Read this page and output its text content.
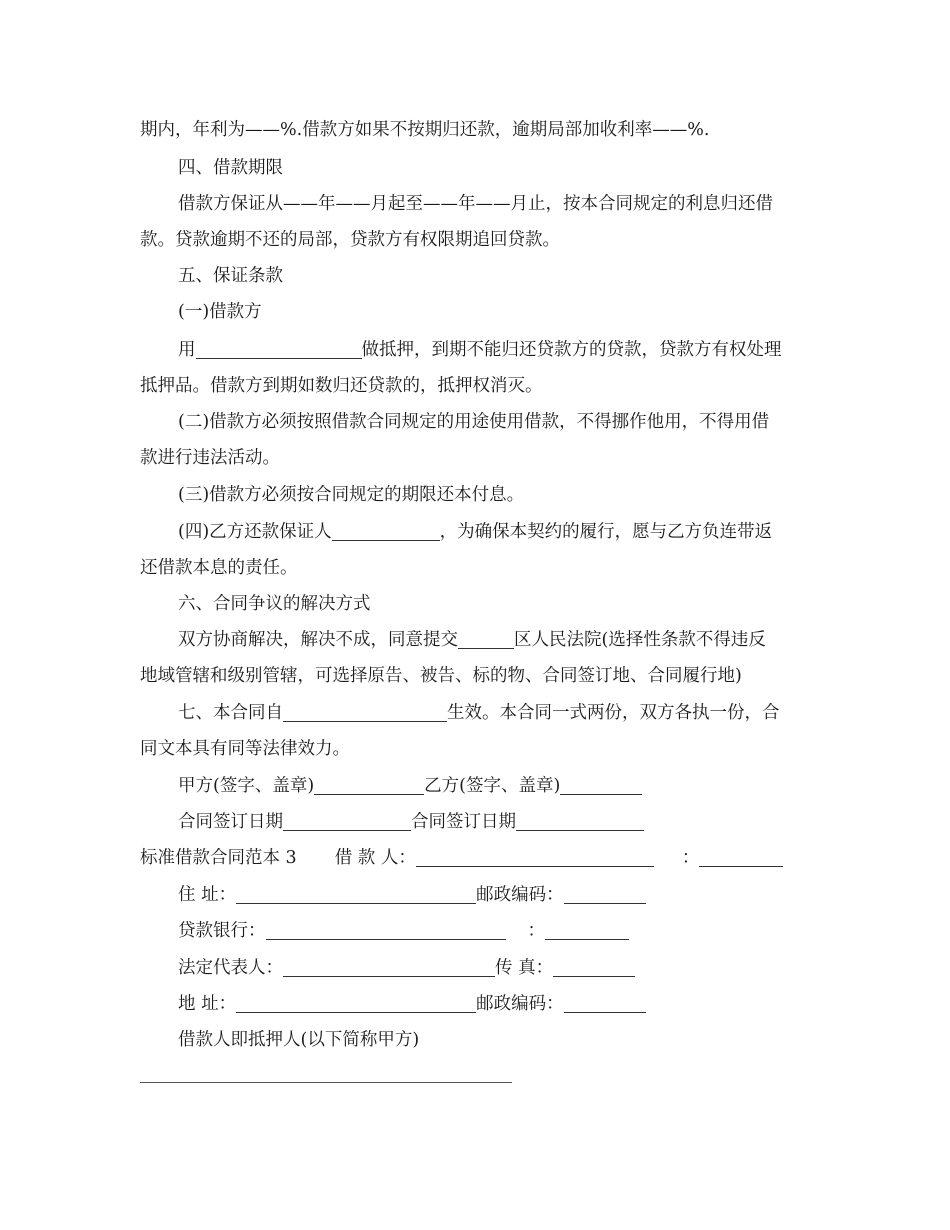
期内，年利为——%.借款方如果不按期归还款，逾期局部加收利率——%.
四、借款期限
借款方保证从——年——月起至——年——月止，按本合同规定的利息归还借
款。贷款逾期不还的局部，贷款方有权限期追回贷款。
五、保证条款
(一)借款方
用	做抵押，到期不能归还贷款方的贷款，贷款方有权处理
抵押品。借款方到期如数归还贷款的，抵押权消灭。
(二)借款方必须按照借款合同规定的用途使用借款，不得挪作他用，不得用借
款进行违法活动。
(三)借款方必须按合同规定的期限还本付息。
(四)乙方还款保证人	，为确保本契约的履行，愿与乙方负连带返
还借款本息的责任。
六、合同争议的解决方式
双方协商解决，解决不成，同意提交	区人民法院(选择性条款不得违反
地域管辖和级别管辖，可选择原告、被告、标的物、合同签订地、合同履行地)
七、本合同自	生效。本合同一式两份，双方各执一份，合
同文本具有同等法律效力。
甲方(签字、盖章)	乙方(签字、盖章)
合同签订日期	合同签订日期
标准借款合同范本 3 借 款 人：	：
住 址：	邮政编码：
贷款银行：	：
法定代表人：	传 真：
地 址：	邮政编码：
借款人即抵押人(以下简称甲方)
